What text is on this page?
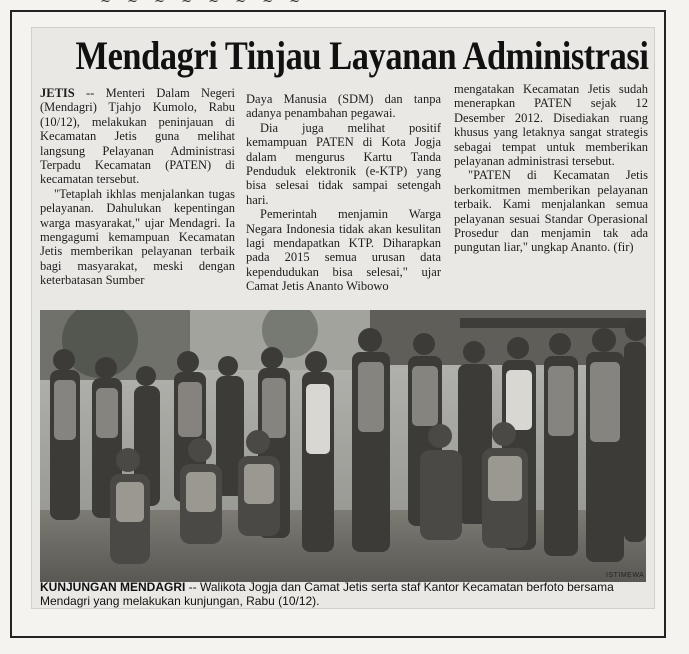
~ ~ ~ ~ ~ ~ ~ ~
Mendagri Tinjau Layanan Administrasi

JETIS -- Menteri Dalam Negeri (Mendagri) Tjahjo Kumolo, Rabu (10/12), melakukan peninjauan di Kecamatan Jetis guna melihat langsung Pelayanan Administrasi Terpadu Kecamatan (PATEN) di kecamatan tersebut.

"Tetaplah ikhlas menjalankan tugas pelayanan. Dahulukan kepentingan warga masyarakat," ujar Mendagri. Ia mengagumi kemampuan Kecamatan Jetis memberikan pelayanan terbaik bagi masyarakat, meski dengan keterbatasan Sumber

Daya Manusia (SDM) dan tanpa adanya penambahan pegawai.

Dia juga melihat positif kemampuan PATEN di Kota Jogja dalam mengurus Kartu Tanda Penduduk elektronik (e-KTP) yang bisa selesai tidak sampai setengah hari.

Pemerintah menjamin Warga Negara Indonesia tidak akan kesulitan lagi mendapatkan KTP. Diharapkan pada 2015 semua urusan data kependudukan bisa selesai," ujar Camat Jetis Ananto Wibowo

mengatakan Kecamatan Jetis sudah menerapkan PATEN sejak 12 Desember 2012. Disediakan ruang khusus yang letaknya sangat strategis sebagai tempat untuk memberikan pelayanan administrasi tersebut.

"PATEN di Kecamatan Jetis berkomitmen memberikan pelayanan terbaik. Kami menjalankan semua pelayanan sesuai Standar Operasional Prosedur dan menjamin tak ada pungutan liar," ungkap Ananto. (fir)

ISTIMEWA
KUNJUNGAN MENDAGRI -- Walikota Jogja dan Camat Jetis serta staf Kantor Kecamatan berfoto bersama Mendagri yang melakukan kunjungan, Rabu (10/12).
